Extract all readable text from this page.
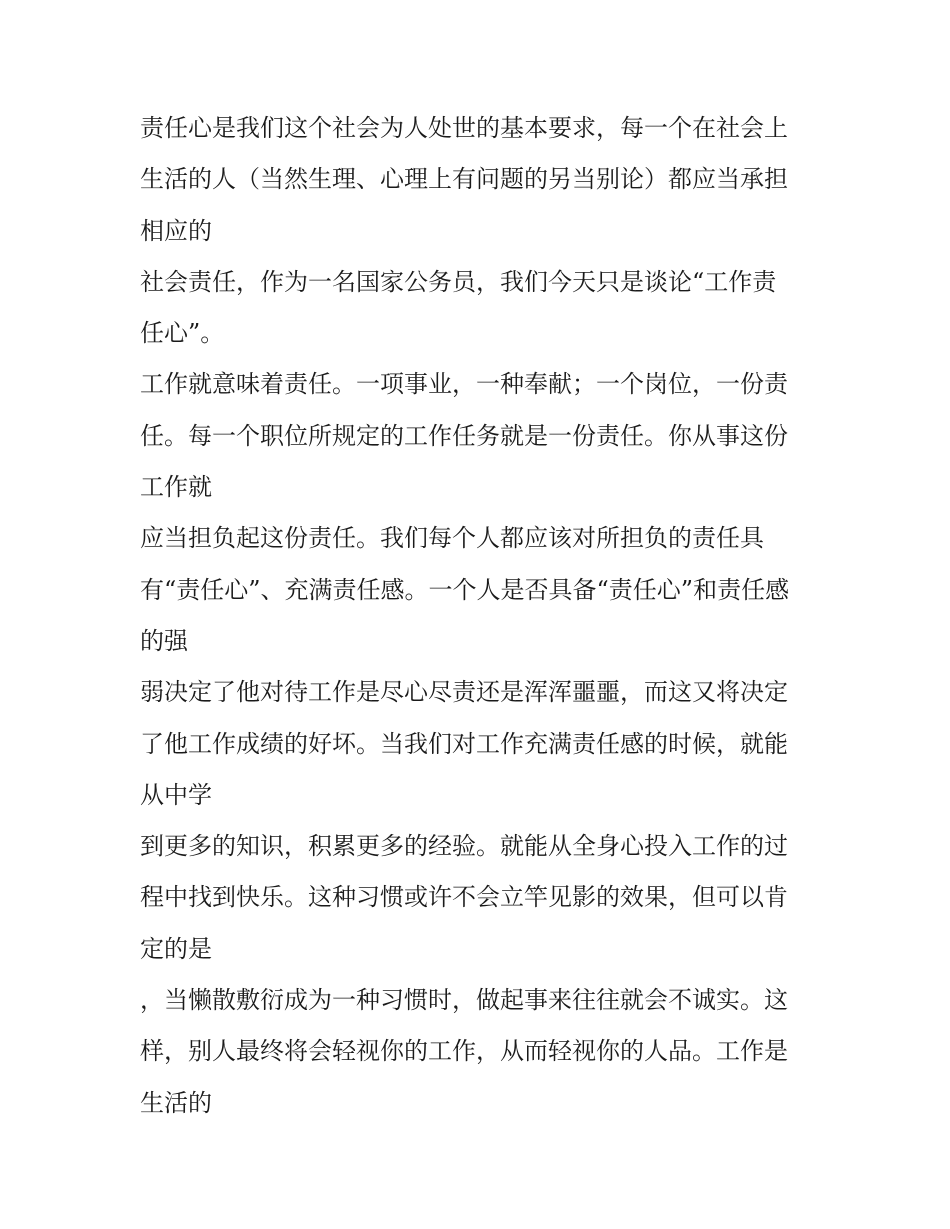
责任心是我们这个社会为人处世的基本要求，每一个在社会上
生活的人（当然生理、心理上有问题的另当别论）都应当承担
相应的
社会责任，作为一名国家公务员，我们今天只是谈论“工作责
任心”。
工作就意味着责任。一项事业，一种奉献；一个岗位，一份责
任。每一个职位所规定的工作任务就是一份责任。你从事这份
工作就
应当担负起这份责任。我们每个人都应该对所担负的责任具
有“责任心”、充满责任感。一个人是否具备“责任心”和责任感
的强
弱决定了他对待工作是尽心尽责还是浑浑噩噩，而这又将决定
了他工作成绩的好坏。当我们对工作充满责任感的时候，就能
从中学
到更多的知识，积累更多的经验。就能从全身心投入工作的过
程中找到快乐。这种习惯或许不会立竿见影的效果，但可以肯
定的是
，当懒散敷衍成为一种习惯时，做起事来往往就会不诚实。这
样，别人最终将会轻视你的工作，从而轻视你的人品。工作是
生活的
